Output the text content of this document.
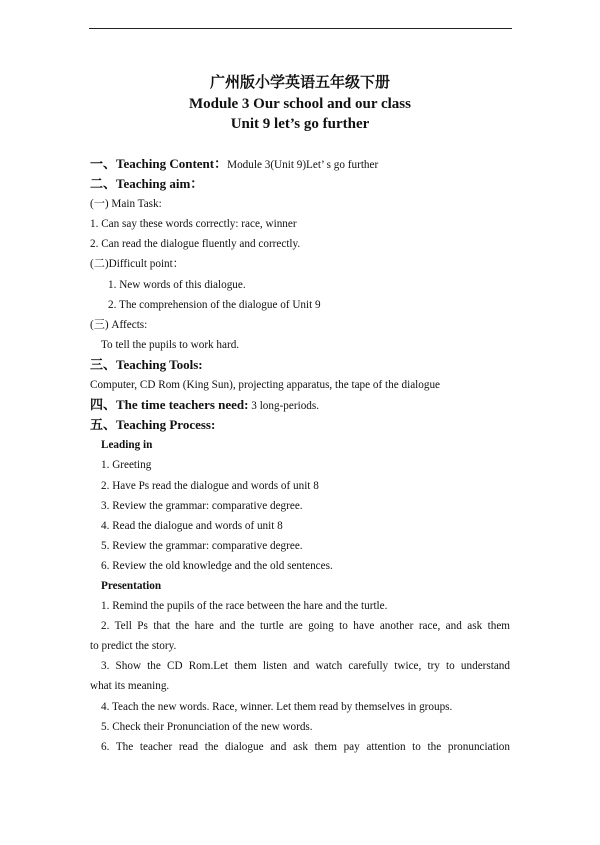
广州版小学英语五年级下册
Module 3 Our school and our class
Unit 9 let’s go further
一、Teaching Content：Module 3(Unit 9)Let’ s go further
二、Teaching aim：
(一) Main Task:
1. Can say these words correctly: race, winner
2. Can read the dialogue fluently and correctly.
(二)Difficult point：
1. New words of this dialogue.
2. The comprehension of the dialogue of Unit 9
(三) Affects:
To tell the pupils to work hard.
三、Teaching Tools:
Computer, CD Rom (King Sun), projecting apparatus, the tape of the dialogue
四、The time teachers need: 3 long-periods.
五、Teaching Process:
Leading in
1. Greeting
2. Have Ps read the dialogue and words of unit 8
3. Review the grammar: comparative degree.
4. Read the dialogue and words of unit 8
5. Review the grammar: comparative degree.
6. Review the old knowledge and the old sentences.
Presentation
1. Remind the pupils of the race between the hare and the turtle.
2. Tell Ps that the hare and the turtle are going to have another race, and ask them
to predict the story.
3. Show the CD Rom.Let them listen and watch carefully twice, try to understand
what its meaning.
4. Teach the new words. Race, winner. Let them read by themselves in groups.
5. Check their Pronunciation of the new words.
6. The teacher read the dialogue and ask them pay attention to the pronunciation
